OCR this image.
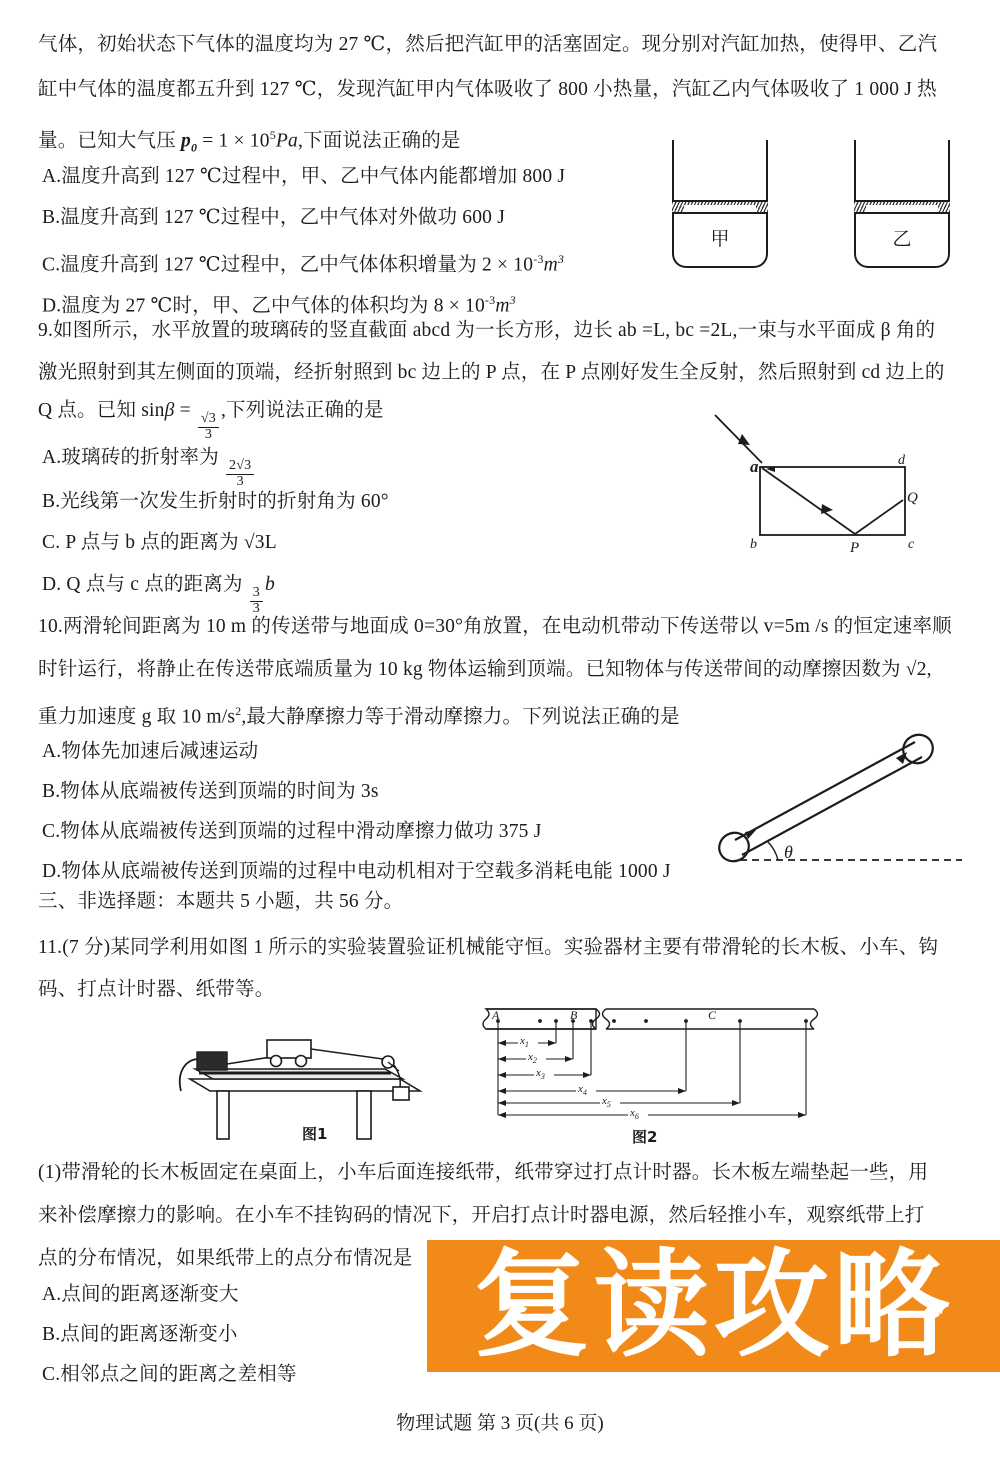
气体，初始状态下气体的温度均为 27 ℃，然后把汽缸甲的活塞固定。现分别对汽缸加热，使得甲、乙汽
缸中气体的温度都五升到 127 ℃，发现汽缸甲内气体吸收了 800 小热量，汽缸乙内气体吸收了 1 000 J 热
量。已知大气压 $p_0 = 1 \times 10^5Pa$,下面说法正确的是
A.温度升高到 127 ℃过程中，甲、乙中气体内能都增加 800 J
B.温度升高到 127 ℃过程中，乙中气体对外做功 600 J
C.温度升高到 127 ℃过程中，乙中气体体积增量为 $2 \times 10^{-3}m^3$
D.温度为 27 ℃时，甲、乙中气体的体积均为 $8 \times 10^{-3}m^3$
甲	乙
9.如图所示，水平放置的玻璃砖的竖直截面 abcd 为一长方形，边长 ab =L, bc =2L,一束与水平面成 β 角的
激光照射到其左侧面的顶端，经折射照到 bc 边上的 P 点，在 P 点刚好发生全反射，然后照射到 cd 边上的
Q 点。已知 sinβ =
$\frac{√3}{3}$
,下列说法正确的是
A.玻璃砖的折射率为
$\frac{2√3}{3}$
B.光线第一次发生折射时的折射角为 60°
C. P 点与 b 点的距离为 √3L
D. Q 点与 c 点的距离为
$\frac{3}{3}$
b
a
b	c
d
P
Q
10.两滑轮间距离为 10 m 的传送带与地面成 0=30°角放置，在电动机带动下传送带以 v=5m /s 的恒定速率顺
时针运行，将静止在传送带底端质量为 10 kg 物体运输到顶端。已知物体与传送带间的动摩擦因数为 √2,
重力加速度 g 取 10 $m/s^2$,最大静摩擦力等于滑动摩擦力。下列说法正确的是
A.物体先加速后减速运动
B.物体从底端被传送到顶端的时间为 3s
C.物体从底端被传送到顶端的过程中滑动摩擦力做功 375 J
D.物体从底端被传送到顶端的过程中电动机相对于空载多消耗电能 1000 J
θ
三、非选择题：本题共 5 小题，共 56 分。
11.(7 分)某同学利用如图 1 所示的实验装置验证机械能守恒。实验器材主要有带滑轮的长木板、小车、钩
码、打点计时器、纸带等。
图1
A	B	C
$x_1$
$x_2$
$x_3$
$x_4$
$x_5$
$x_6$
图2
(1)带滑轮的长木板固定在桌面上，小车后面连接纸带，纸带穿过打点计时器。长木板左端垫起一些，用
来补偿摩擦力的影响。在小车不挂钩码的情况下，开启打点计时器电源，然后轻推小车，观察纸带上打
点的分布情况，如果纸带上的点分布情况是
A.点间的距离逐渐变大
B.点间的距离逐渐变小
C.相邻点之间的距离之差相等
复读攻略
物理试题 第 3 页(共 6 页)
